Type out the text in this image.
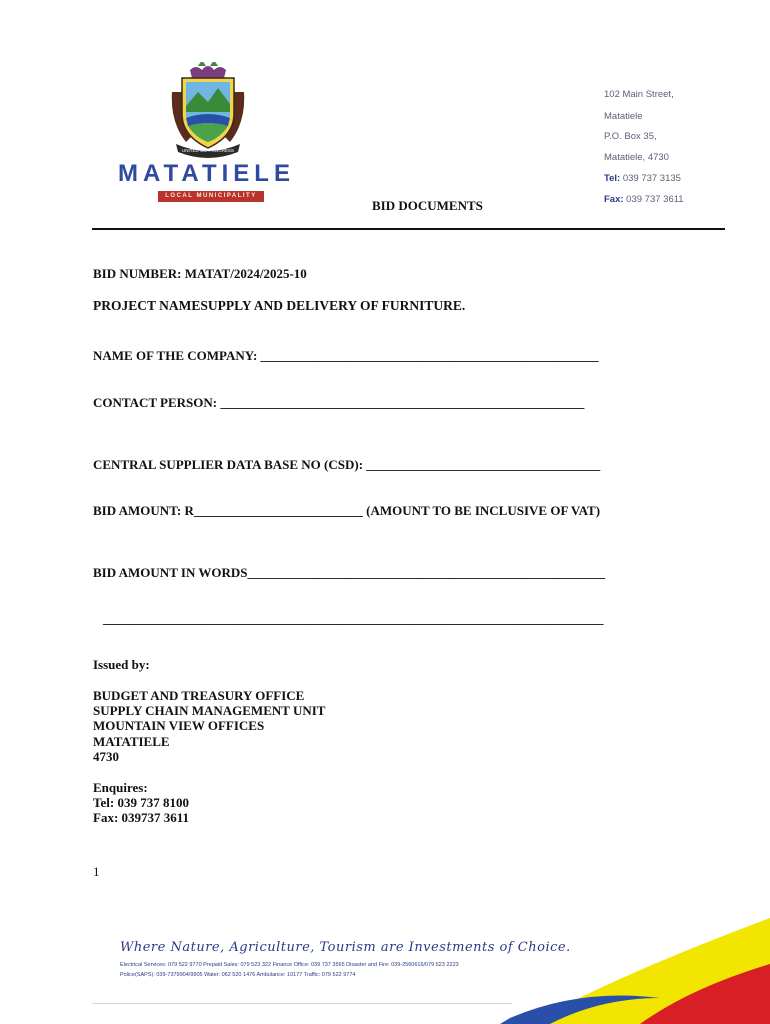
UNITED WE PROGRESS
MATATIELE
LOCAL MUNICIPALITY
102 Main Street,
Matatiele
P.O. Box 35,
Matatiele, 4730
Tel: 039 737 3135
Fax: 039 737 3611
BID DOCUMENTS
BID NUMBER: MATAT/2024/2025-10
PROJECT NAMESUPPLY AND DELIVERY OF FURNITURE.
NAME OF THE COMPANY: ____________________________________________________
CONTACT PERSON: ________________________________________________________
CENTRAL SUPPLIER DATA BASE NO (CSD): ____________________________________
BID AMOUNT: R__________________________ (AMOUNT TO BE INCLUSIVE OF VAT)
BID AMOUNT IN WORDS_______________________________________________________
_____________________________________________________________________________
Issued by:
BUDGET AND TREASURY OFFICE
SUPPLY CHAIN MANAGEMENT UNIT
MOUNTAIN VIEW OFFICES
MATATIELE
4730
Enquires:
Tel: 039 737 8100
Fax: 039737 3611
1
Where Nature, Agriculture, Tourism are Investments of Choice.
Electrical Services: 079 522 9770 Prepaid Sales: 079 523 322 Finance Office: 039 737 3565 Disaster and Fire: 039-2560616/079 523 2223
Police(SAPS): 039-7379904/9905 Water: 062 520 1476 Ambulance: 10177 Traffic: 079 522 9774
